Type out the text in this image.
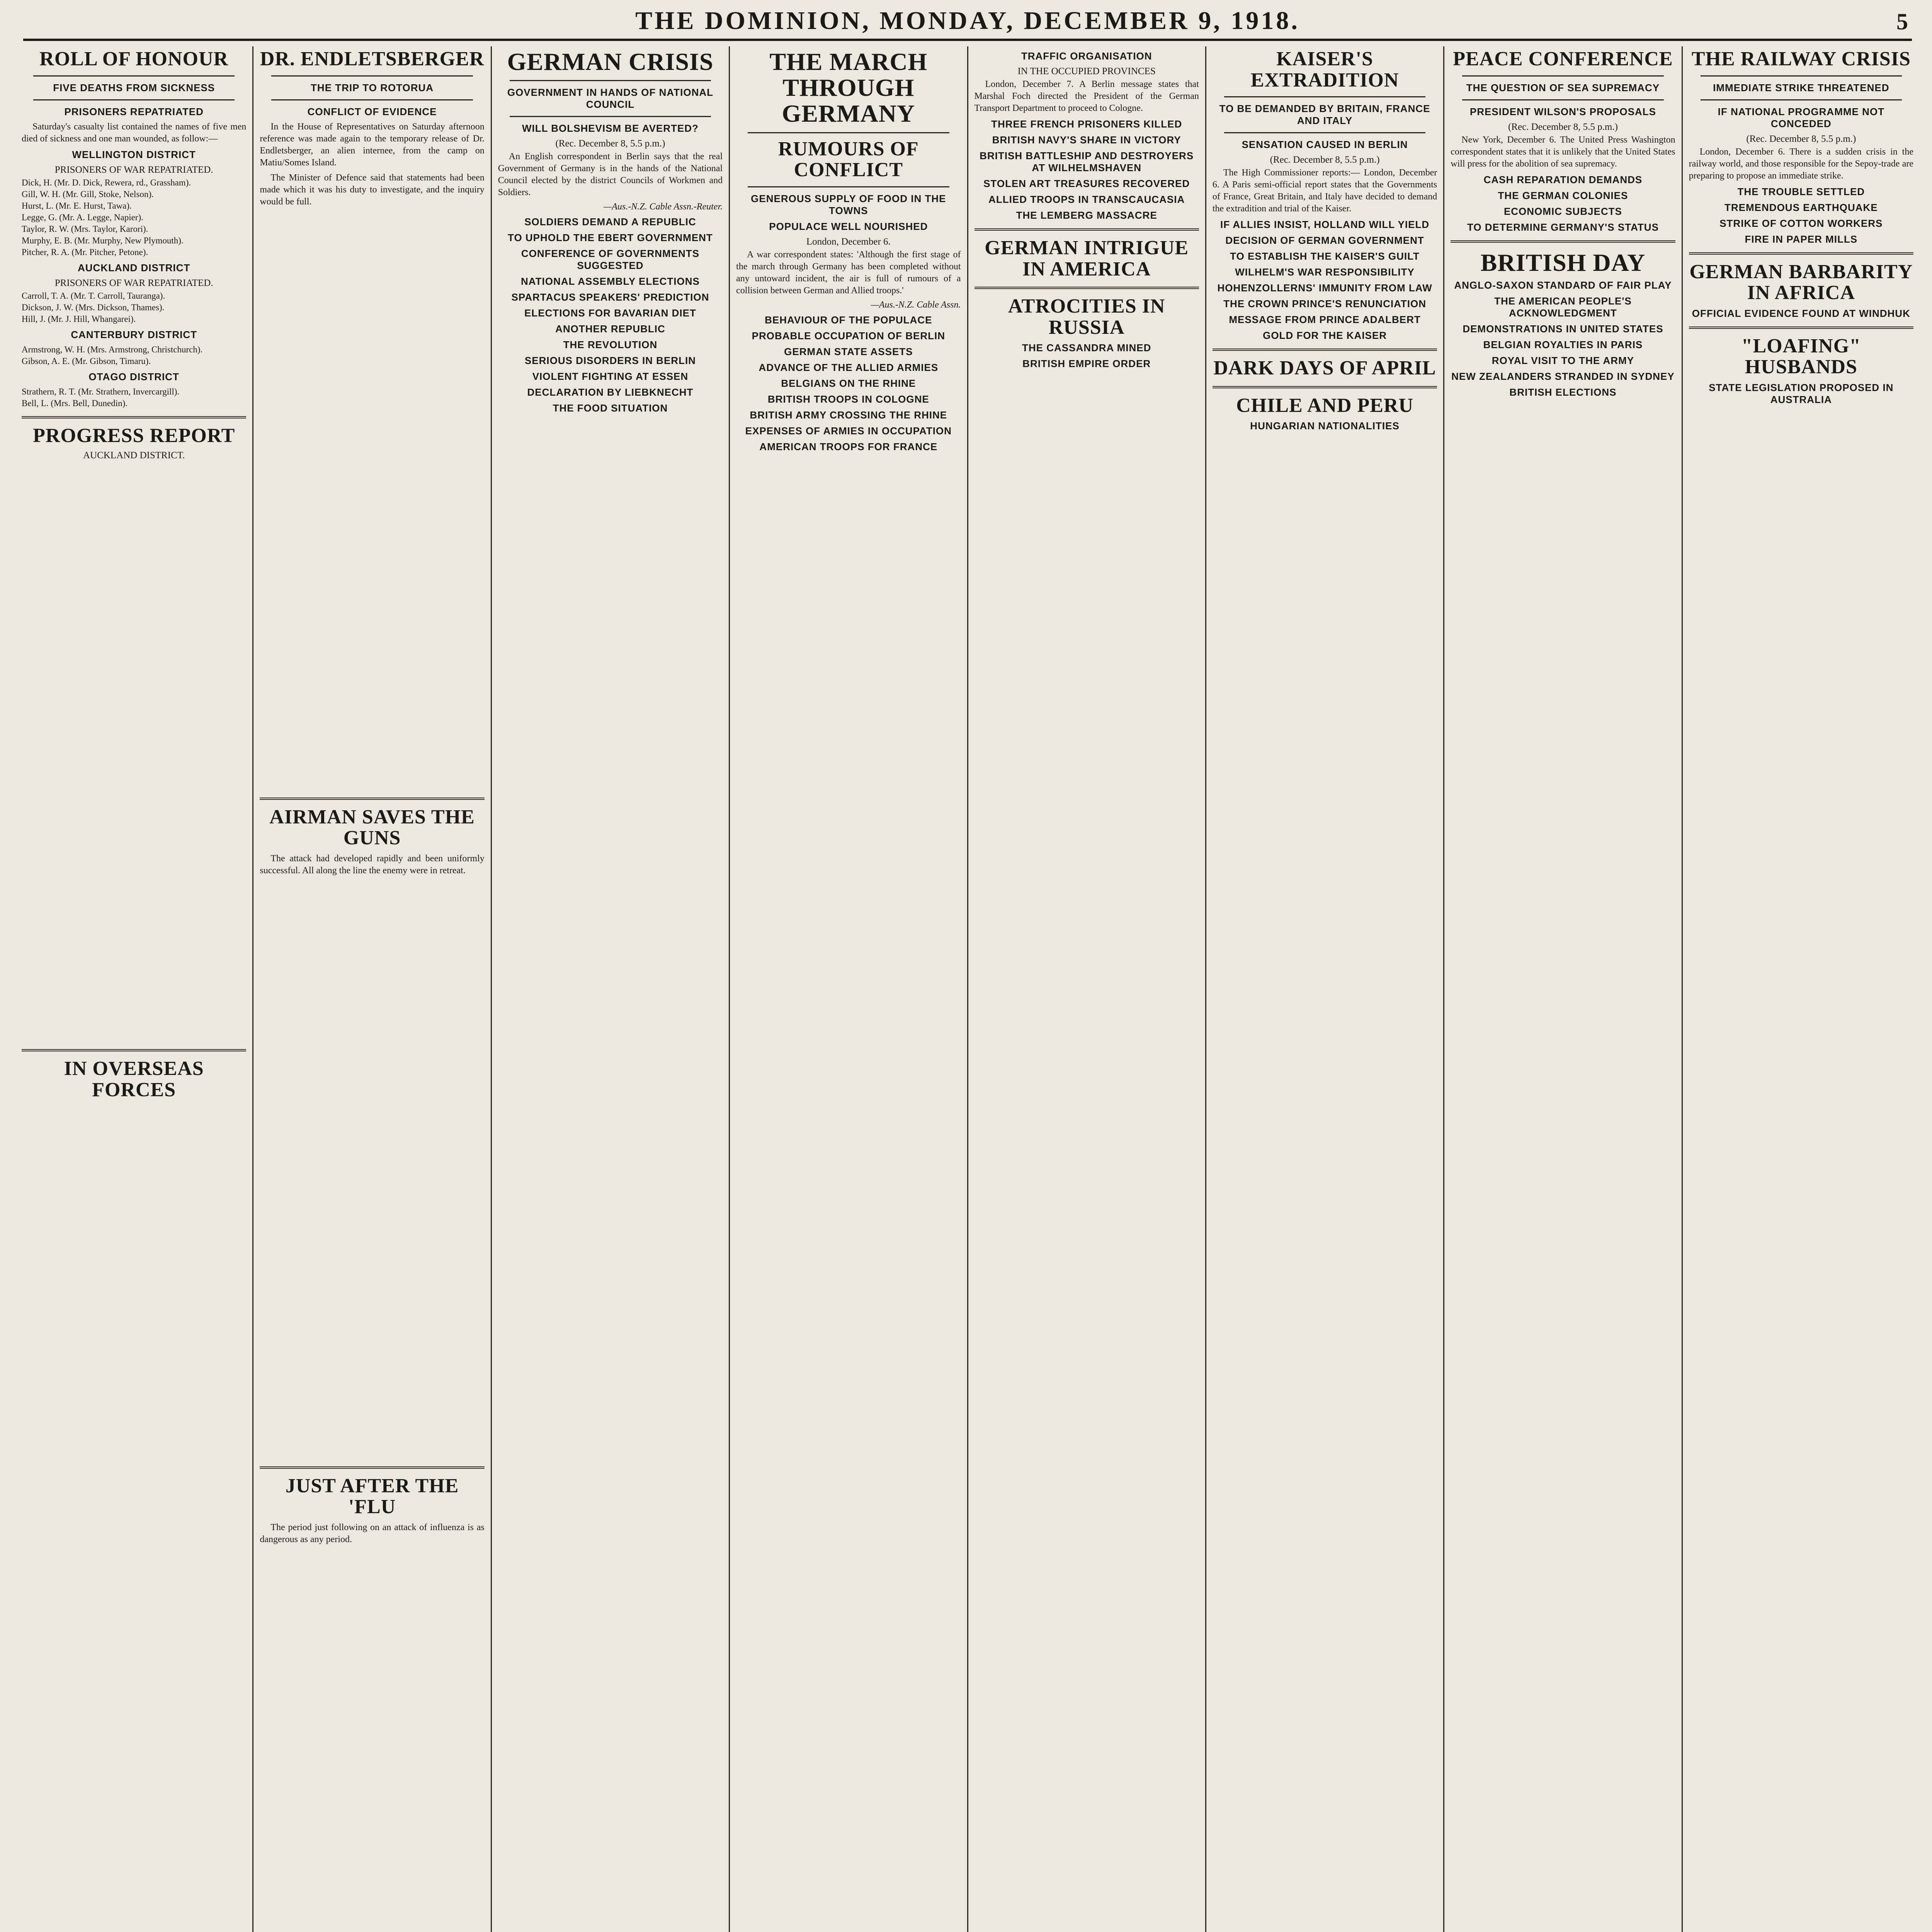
THE DOMINION, MONDAY, DECEMBER 9, 1918.	5
ROLL OF HONOUR
FIVE DEATHS FROM SICKNESS
PRISONERS REPATRIATED

Saturday's casualty list contained the names of five men died of sickness and one man wounded, as follow:—

WELLINGTON DISTRICT
PRISONERS OF WAR REPATRIATED.

Dick, H. (Mr. D. Dick, Rewera, rd., Grassham).

Gill, W. H. (Mr. Gill, Stoke, Nelson).

Hurst, L. (Mr. E. Hurst, Tawa).

Legge, G. (Mr. A. Legge, Napier).

Taylor, R. W. (Mrs. Taylor, Karori).

Murphy, E. B. (Mr. Murphy, New Plymouth).

Pitcher, R. A. (Mr. Pitcher, Petone).

AUCKLAND DISTRICT
PRISONERS OF WAR REPATRIATED.

Carroll, T. A. (Mr. T. Carroll, Tauranga).

Dickson, J. W. (Mrs. Dickson, Thames).

Hill, J. (Mr. J. Hill, Whangarei).

CANTERBURY DISTRICT

Armstrong, W. H. (Mrs. Armstrong, Christchurch).

Gibson, A. E. (Mr. Gibson, Timaru).

OTAGO DISTRICT

Strathern, R. T. (Mr. Strathern, Invercargill).

Bell, L. (Mrs. Bell, Dunedin).

PROGRESS REPORT
AUCKLAND DISTRICT.
IN OVERSEAS FORCES
DR. ENDLETSBERGER
THE TRIP TO ROTORUA
CONFLICT OF EVIDENCE

In the House of Representatives on Saturday afternoon reference was made again to the temporary release of Dr. Endletsberger, an alien internee, from the camp on Matiu/Somes Island.

The Minister of Defence said that statements had been made which it was his duty to investigate, and the inquiry would be full.

AIRMAN SAVES THE GUNS

The attack had developed rapidly and been uniformly successful. All along the line the enemy were in retreat.

JUST AFTER THE 'FLU

The period just following on an attack of influenza is as dangerous as any period.

GERMAN CRISIS
GOVERNMENT IN HANDS OF NATIONAL COUNCIL
WILL BOLSHEVISM BE AVERTED?
(Rec. December 8, 5.5 p.m.)

An English correspondent in Berlin says that the real Government of Germany is in the hands of the National Council elected by the district Councils of Workmen and Soldiers.

—Aus.-N.Z. Cable Assn.-Reuter.

SOLDIERS DEMAND A REPUBLIC
TO UPHOLD THE EBERT GOVERNMENT
CONFERENCE OF GOVERNMENTS SUGGESTED
NATIONAL ASSEMBLY ELECTIONS
SPARTACUS SPEAKERS' PREDICTION
ELECTIONS FOR BAVARIAN DIET
ANOTHER REPUBLIC
THE REVOLUTION
SERIOUS DISORDERS IN BERLIN
VIOLENT FIGHTING AT ESSEN
DECLARATION BY LIEBKNECHT
THE FOOD SITUATION
THE MARCH THROUGH GERMANY
RUMOURS OF CONFLICT
GENEROUS SUPPLY OF FOOD IN THE TOWNS
POPULACE WELL NOURISHED
London, December 6.

A war correspondent states: 'Although the first stage of the march through Germany has been completed without any untoward incident, the air is full of rumours of a collision between German and Allied troops.'

—Aus.-N.Z. Cable Assn.

BEHAVIOUR OF THE POPULACE
PROBABLE OCCUPATION OF BERLIN
GERMAN STATE ASSETS
ADVANCE OF THE ALLIED ARMIES
BELGIANS ON THE RHINE
BRITISH TROOPS IN COLOGNE
BRITISH ARMY CROSSING THE RHINE
EXPENSES OF ARMIES IN OCCUPATION
AMERICAN TROOPS FOR FRANCE
TRAFFIC ORGANISATION
IN THE OCCUPIED PROVINCES

London, December 7. A Berlin message states that Marshal Foch directed the President of the German Transport Department to proceed to Cologne.

THREE FRENCH PRISONERS KILLED
BRITISH NAVY'S SHARE IN VICTORY
BRITISH BATTLESHIP AND DESTROYERS AT WILHELMSHAVEN
STOLEN ART TREASURES RECOVERED
ALLIED TROOPS IN TRANSCAUCASIA
THE LEMBERG MASSACRE
GERMAN INTRIGUE IN AMERICA
ATROCITIES IN RUSSIA
THE CASSANDRA MINED
BRITISH EMPIRE ORDER
KAISER'S EXTRADITION
TO BE DEMANDED BY BRITAIN, FRANCE AND ITALY
SENSATION CAUSED IN BERLIN
(Rec. December 8, 5.5 p.m.)

The High Commissioner reports:— London, December 6. A Paris semi-official report states that the Governments of France, Great Britain, and Italy have decided to demand the extradition and trial of the Kaiser.

IF ALLIES INSIST, HOLLAND WILL YIELD
DECISION OF GERMAN GOVERNMENT
TO ESTABLISH THE KAISER'S GUILT
WILHELM'S WAR RESPONSIBILITY
HOHENZOLLERNS' IMMUNITY FROM LAW
THE CROWN PRINCE'S RENUNCIATION
MESSAGE FROM PRINCE ADALBERT
GOLD FOR THE KAISER
DARK DAYS OF APRIL
CHILE AND PERU
HUNGARIAN NATIONALITIES
PEACE CONFERENCE
THE QUESTION OF SEA SUPREMACY
PRESIDENT WILSON'S PROPOSALS
(Rec. December 8, 5.5 p.m.)

New York, December 6. The United Press Washington correspondent states that it is unlikely that the United States will press for the abolition of sea supremacy.

CASH REPARATION DEMANDS
THE GERMAN COLONIES
ECONOMIC SUBJECTS
TO DETERMINE GERMANY'S STATUS
BRITISH DAY
ANGLO-SAXON STANDARD OF FAIR PLAY
THE AMERICAN PEOPLE'S ACKNOWLEDGMENT
DEMONSTRATIONS IN UNITED STATES
BELGIAN ROYALTIES IN PARIS
ROYAL VISIT TO THE ARMY
NEW ZEALANDERS STRANDED IN SYDNEY
BRITISH ELECTIONS
THE RAILWAY CRISIS
IMMEDIATE STRIKE THREATENED
IF NATIONAL PROGRAMME NOT CONCEDED
(Rec. December 8, 5.5 p.m.)

London, December 6. There is a sudden crisis in the railway world, and those responsible for the Sepoy-trade are preparing to propose an immediate strike.

THE TROUBLE SETTLED
TREMENDOUS EARTHQUAKE
STRIKE OF COTTON WORKERS
FIRE IN PAPER MILLS
GERMAN BARBARITY IN AFRICA
OFFICIAL EVIDENCE FOUND AT WINDHUK
"LOAFING" HUSBANDS
STATE LEGISLATION PROPOSED IN AUSTRALIA
